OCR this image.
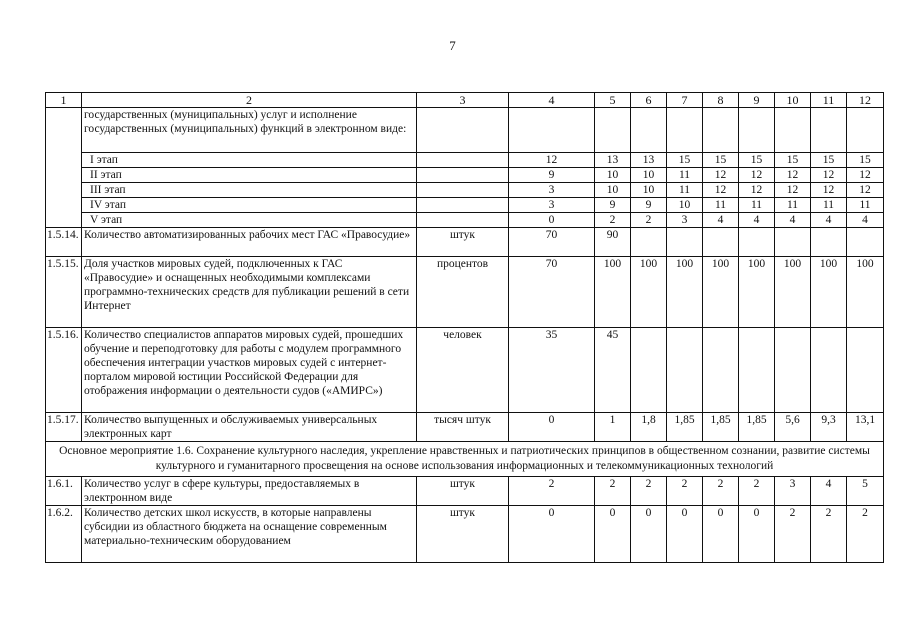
7
1	2	3	4	5	6	7	8	9	10	11	12
	государственных (муниципальных) услуг и исполнение государственных (муниципальных) функций в электронном виде:										
	I этап		12	13	13	15	15	15	15	15	15
	II этап		9	10	10	11	12	12	12	12	12
	III этап		3	10	10	11	12	12	12	12	12
	IV этап		3	9	9	10	11	11	11	11	11
	V этап		0	2	2	3	4	4	4	4	4
1.5.14.	Количество автоматизированных рабочих мест ГАС «Правосудие»	штук	70	90							
1.5.15.	Доля участков мировых судей, подключенных к ГАС «Правосудие» и оснащенных необходимыми комплексами программно-технических средств для публикации решений в сети Интернет	процентов	70	100	100	100	100	100	100	100	100
1.5.16.	Количество специалистов аппаратов мировых судей, прошедших обучение и переподготовку для работы с модулем программного обеспечения интеграции участков мировых судей с интернет-порталом мировой юстиции Российской Федерации для отображения информации о деятельности судов («АМИРС»)	человек	35	45							
1.5.17.	Количество выпущенных и обслуживаемых универсальных электронных карт	тысяч штук	0	1	1,8	1,85	1,85	1,85	5,6	9,3	13,1
Основное мероприятие 1.6. Сохранение культурного наследия, укрепление нравственных и патриотических принципов в общественном сознании, развитие системы культурного и гуманитарного просвещения на основе использования информационных и телекоммуникационных технологий											
1.6.1.	Количество услуг в сфере культуры, предоставляемых в электронном виде	штук	2	2	2	2	2	2	3	4	5
1.6.2.	Количество детских школ искусств, в которые направлены субсидии из областного бюджета на оснащение современным материально-техническим оборудованием	штук	0	0	0	0	0	0	2	2	2
